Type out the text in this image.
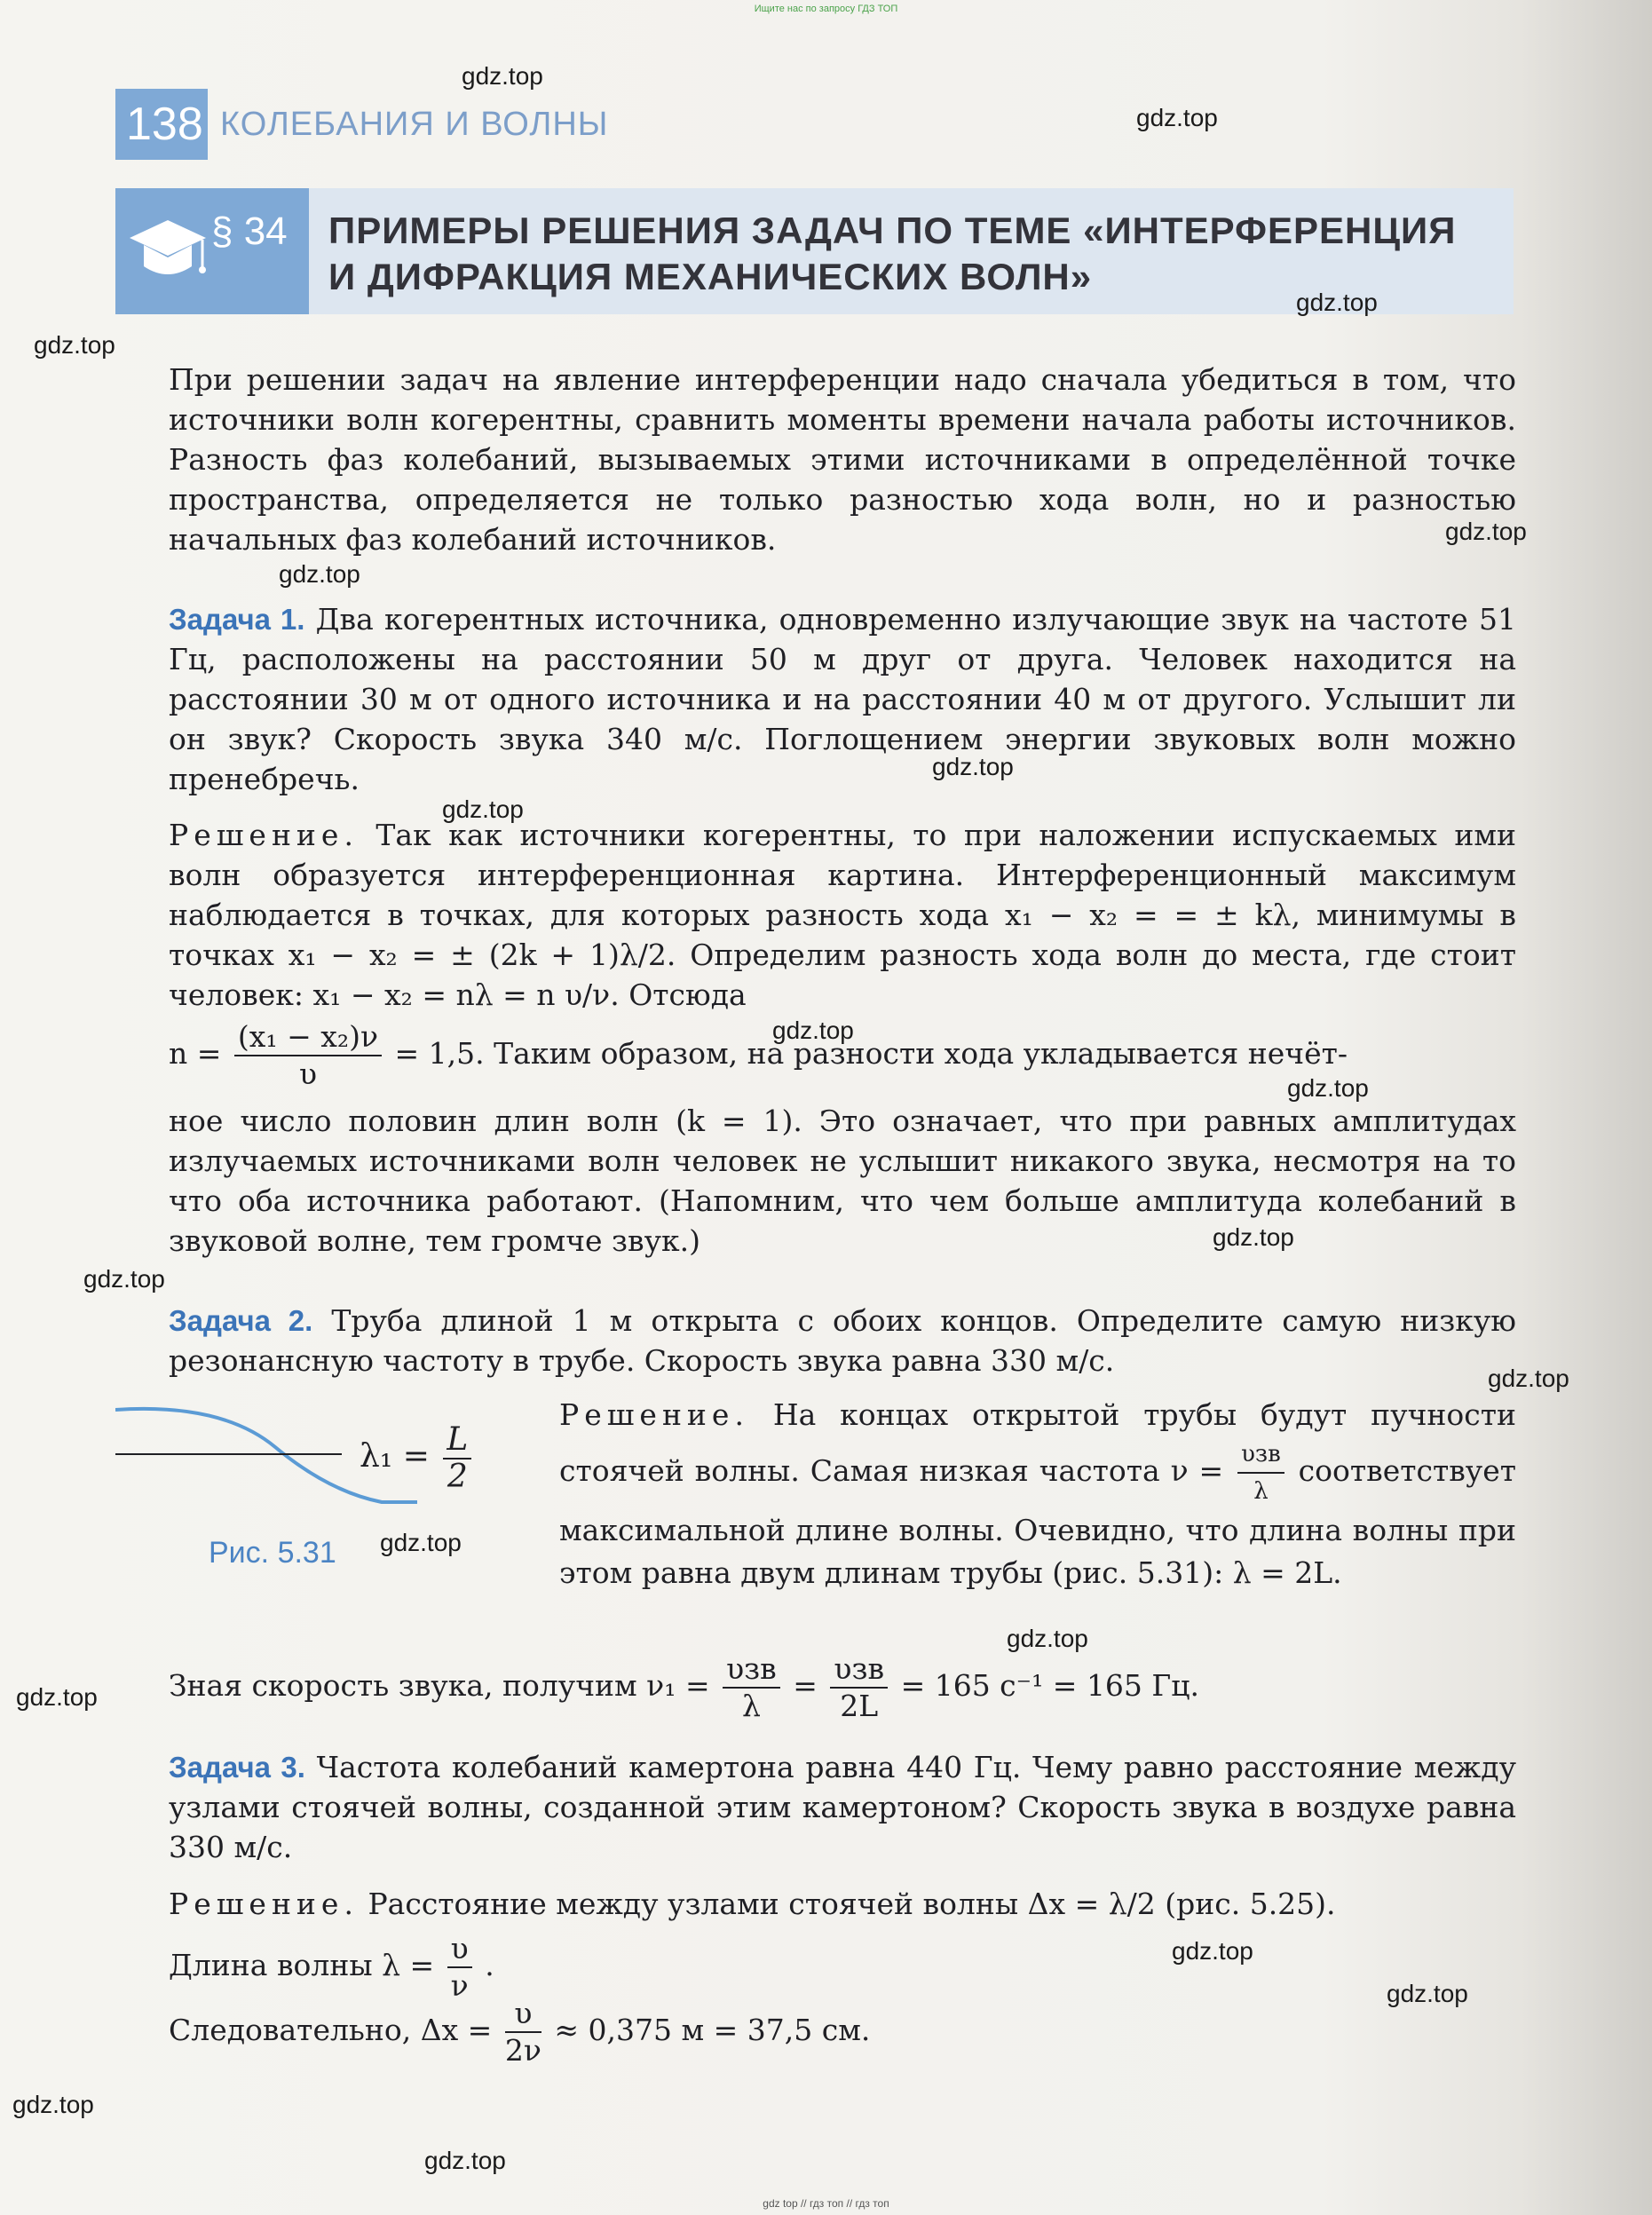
Ищите нас по запросу ГДЗ ТОП
138 КОЛЕБАНИЯ И ВОЛНЫ
§ 34 ПРИМЕРЫ РЕШЕНИЯ ЗАДАЧ ПО ТЕМЕ «ИНТЕРФЕРЕНЦИЯ
И ДИФРАКЦИЯ МЕХАНИЧЕСКИХ ВОЛН»
При решении задач на явление интерференции надо сначала убедиться в том, что источники волн когерентны, сравнить моменты времени начала работы источников. Разность фаз колебаний, вызываемых этими источниками в определённой точке пространства, определяется не только разностью хода волн, но и разностью начальных фаз колебаний источников.
Задача 1. Два когерентных источника, одновременно излучающие звук на частоте 51 Гц, расположены на расстоянии 50 м друг от друга. Человек находится на расстоянии 30 м от одного источника и на расстоянии 40 м от другого. Услышит ли он звук? Скорость звука 340 м/с. Поглощением энергии звуковых волн можно пренебречь.
Решение. Так как источники когерентны, то при наложении испускаемых ими волн образуется интерференционная картина. Интерференционный максимум наблюдается в точках, для которых разность хода x₁ − x₂ = = ± kλ, минимумы в точках x₁ − x₂ = ± (2k + 1)λ/2. Определим разность хода волн до места, где стоит человек: x₁ − x₂ = nλ = n υ/ν. Отсюда
$n = \frac{\text{(x₁ − x₂)ν}}{\upsilon} = 1,5$. Таким образом, на разности хода укладывается нечёт-
ное число половин длин волн (k = 1). Это означает, что при равных амплитудах излучаемых источниками волн человек не услышит никакого звука, несмотря на то что оба источника работают. (Напомним, что чем больше амплитуда колебаний в звуковой волне, тем громче звук.)
Задача 2. Труба длиной 1 м открыта с обоих концов. Определите самую низкую резонансную частоту в трубе. Скорость звука равна 330 м/с.
$\lambda_1 = \frac{L}{2}$
Рис. 5.31
Решение. На концах открытой трубы будут пучности стоячей волны. Самая низкая частота $\nu = \frac{\text{υзв}}{\lambda}$ соответствует максимальной длине волны. Очевидно, что длина волны при этом равна двум длинам трубы (рис. 5.31): λ = 2L.
Зная скорость звука, получим $\nu_1 = \frac{\text{υзв}}{\lambda} = \frac{\text{υзв}}{2L} = 165$ с⁻¹ = 165 Гц.
Задача 3. Частота колебаний камертона равна 440 Гц. Чему равно расстояние между узлами стоячей волны, созданной этим камертоном? Скорость звука в воздухе равна 330 м/с.
Решение. Расстояние между узлами стоячей волны Δx = λ/2 (рис. 5.25).
Длина волны $\lambda = \frac{\upsilon}{\nu}$ .
Следовательно, $\Delta x = \frac{\upsilon}{2\nu} \approx 0,375$ м = 37,5 см.
gdz.top
gdz.top
gdz.top
gdz.top
gdz.top
gdz.top
gdz.top
gdz.top
gdz.top
gdz.top
gdz.top
gdz.top
gdz.top
gdz.top
gdz.top
gdz.top
gdz.top
gdz.top
gdz.top
gdz.top
gdz top // гдз топ // гдз топ
